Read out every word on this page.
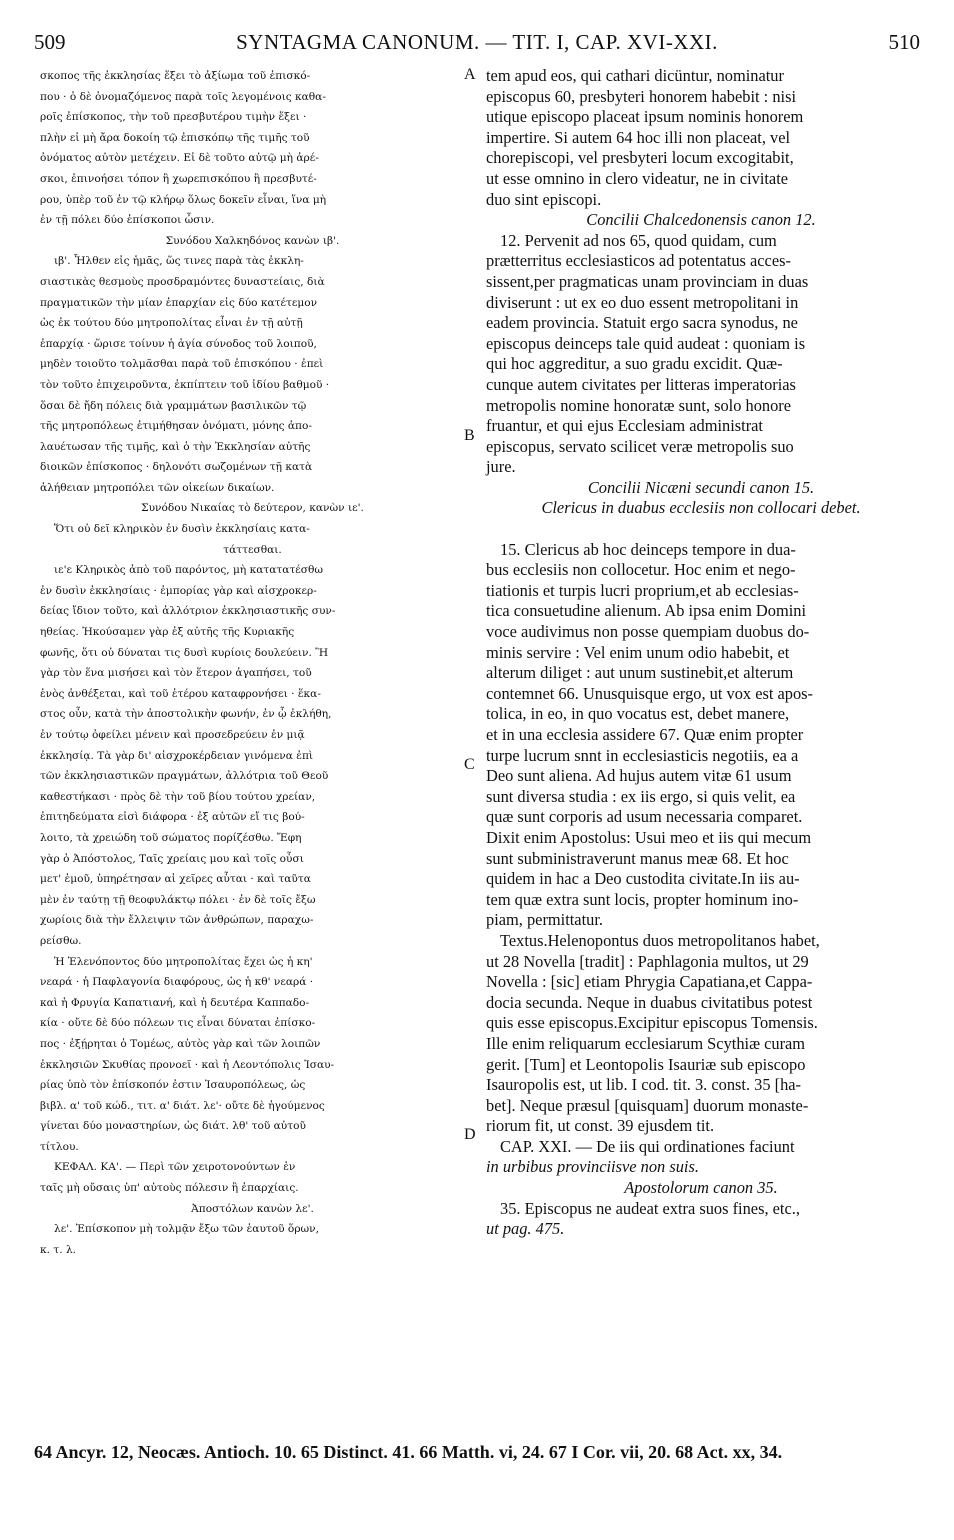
509	SYNTAGMA CANONUM. — TIT. I, CAP. XVI-XXI.	510

σκοπος τῆς ἐκκλησίας ἕξει τὸ ἀξίωμα τοῦ ἐπισκό-

που · ὁ δὲ ὀνομαζόμενος παρὰ τοῖς λεγομένοις καθα-

ροῖς ἐπίσκοπος, τὴν τοῦ πρεσβυτέρου τιμὴν ἕξει ·

πλὴν εἰ μὴ ἄρα δοκοίη τῷ ἐπισκόπῳ τῆς τιμῆς τοῦ

ὀνόματος αὐτὸν μετέχειν. Εἰ δὲ τοῦτο αὐτῷ μὴ ἀρέ-

σκοι, ἐπινοήσει τόπον ἢ χωρεπισκόπου ἢ πρεσβυτέ-

ρου, ὑπὲρ τοῦ ἐν τῷ κλήρῳ ὅλως δοκεῖν εἶναι, ἵνα μὴ

ἐν τῇ πόλει δύο ἐπίσκοποι ὦσιν.

Συνόδου Χαλκηδόνος κανὼν ιβ'.

ιβ'. Ἦλθεν εἰς ἡμᾶς, ὥς τινες παρὰ τὰς ἐκκλη-

σιαστικὰς θεσμοὺς προσδραμόντες δυναστείαις, διὰ

πραγματικῶν τὴν μίαν ἐπαρχίαν εἰς δύο κατέτεμον

ὡς ἐκ τούτου δύο μητροπολίτας εἶναι ἐν τῇ αὐτῇ

ἐπαρχίᾳ · ὥρισε τοίνυν ἡ ἁγία σύνοδος τοῦ λοιποῦ,

μηδὲν τοιοῦτο τολμᾶσθαι παρὰ τοῦ ἐπισκόπου · ἐπεὶ

τὸν τοῦτο ἐπιχειροῦντα, ἐκπίπτειν τοῦ ἰδίου βαθμοῦ ·

ὅσαι δὲ ἤδη πόλεις διὰ γραμμάτων βασιλικῶν τῷ

τῆς μητροπόλεως ἐτιμήθησαν ὀνόματι, μόνης ἀπο-

λαυέτωσαν τῆς τιμῆς, καὶ ὁ τὴν Ἐκκλησίαν αὐτῆς

διοικῶν ἐπίσκοπος · δηλονότι σωζομένων τῇ κατὰ

ἀλήθειαν μητροπόλει τῶν οἰκείων δικαίων.

Συνόδου Νικαίας τὸ δεύτερον, κανὼν ιε'.

Ὅτι οὐ δεῖ κληρικὸν ἐν δυσὶν ἐκκλησίαις κατα-

τάττεσθαι.

ιε'ε Κληρικὸς ἀπὸ τοῦ παρόντος, μὴ κατατατέσθω

ἐν δυσὶν ἐκκλησίαις · ἐμπορίας γὰρ καὶ αἰσχροκερ-

δείας ἴδιον τοῦτο, καὶ ἀλλότριον ἐκκλησιαστικῆς συν-

ηθείας. Ἠκούσαμεν γὰρ ἐξ αὐτῆς τῆς Κυριακῆς

φωνῆς, ὅτι οὐ δύναται τις δυσὶ κυρίοις δουλεύειν. Ἢ

γὰρ τὸν ἕνα μισήσει καὶ τὸν ἕτερον ἀγαπήσει, τοῦ

ἑνὸς ἀνθέξεται, καὶ τοῦ ἑτέρου καταφρονήσει · ἕκα-

στος οὖν, κατὰ τὴν ἀποστολικὴν φωνήν, ἐν ᾧ ἐκλήθη,

ἐν τούτῳ ὀφείλει μένειν καὶ προσεδρεύειν ἐν μιᾷ

ἐκκλησίᾳ. Τὰ γὰρ δι' αἰσχροκέρδειαν γινόμενα ἐπὶ

τῶν ἐκκλησιαστικῶν πραγμάτων, ἀλλότρια τοῦ Θεοῦ

καθεστήκασι · πρὸς δὲ τὴν τοῦ βίου τούτου χρείαν,

ἐπιτηδεύματα εἰσὶ διάφορα · ἐξ αὐτῶν εἴ τις βού-

λοιτο, τὰ χρειώδη τοῦ σώματος πορίζέσθω. Ἔφη

γὰρ ὁ Ἀπόστολος, Ταῖς χρείαις μου καὶ τοῖς οὖσι

μετ' ἐμοῦ, ὑπηρέτησαν αἱ χεῖρες αὗται · καὶ ταῦτα

μὲν ἐν ταύτῃ τῇ θεοφυλάκτῳ πόλει · ἐν δὲ τοῖς ἔξω

χωρίοις διὰ τὴν ἔλλειψιν τῶν ἀνθρώπων, παραχω-

ρείσθω.

Ἡ Ἑλενόποντος δύο μητροπολίτας ἔχει ὡς ἡ κη'

νεαρά · ἡ Παφλαγονία διαφόρους, ὡς ἡ κθ' νεαρά ·

καὶ ἡ Φρυγία Καπατιανή, καὶ ἡ δευτέρα Καππαδο-

κία · οὔτε δὲ δύο πόλεων τις εἶναι δύναται ἐπίσκο-

πος · ἐξῄρηται ὁ Τομέως, αὐτὸς γὰρ καὶ τῶν λοιπῶν

ἐκκλησιῶν Σκυθίας προνοεῖ · καὶ ἡ Λεοντόπολις Ἰσαυ-

ρίας ὑπὸ τὸν ἐπίσκοπόν ἐστιν Ἰσαυροπόλεως, ὡς

βιβλ. α' τοῦ κώδ., τιτ. α' διάτ. λε'· οὔτε δὲ ἡγούμενος

γίνεται δύο μοναστηρίων, ὡς διάτ. λθ' τοῦ αὐτοῦ

τίτλου.

ΚΕΦΑΛ. ΚΑ'. — Περὶ τῶν χειροτονούντων ἐν

ταῖς μὴ οὔσαις ὑπ' αὐτοὺς πόλεσιν ἢ ἐπαρχίαις.

Ἀποστόλων κανὼν λε'.

λε'. Ἐπίσκοπον μὴ τολμᾷν ἔξω τῶν ἑαυτοῦ ὅρων,

κ. τ. λ.

tem apud eos, qui cathari dicüntur, nominatur

episcopus 60, presbyteri honorem habebit : nisi

utique episcopo placeat ipsum nominis honorem

impertire. Si autem 64 hoc illi non placeat, vel

chorepiscopi, vel presbyteri locum excogitabit,

ut esse omnino in clero videatur, ne in civitate

duo sint episcopi.

Concilii Chalcedonensis canon 12.

12. Pervenit ad nos 65, quod quidam, cum

prætterritus ecclesiasticos ad potentatus acces-

sissent,per pragmaticas unam provinciam in duas

diviserunt : ut ex eo duo essent metropolitani in

eadem provincia. Statuit ergo sacra synodus, ne

episcopus deinceps tale quid audeat : quoniam is

qui hoc aggreditur, a suo gradu excidit. Quæ-

cunque autem civitates per litteras imperatorias

metropolis nomine honoratæ sunt, solo honore

fruantur, et qui ejus Ecclesiam administrat

episcopus, servato scilicet veræ metropolis suo

jure.

Concilii Nicæni secundi canon 15.

Clericus in duabus ecclesiis non collocari debet.

15. Clericus ab hoc deinceps tempore in dua-

bus ecclesiis non collocetur. Hoc enim et nego-

tiationis et turpis lucri proprium,et ab ecclesias-

tica consuetudine alienum. Ab ipsa enim Domini

voce audivimus non posse quempiam duobus do-

minis servire : Vel enim unum odio habebit, et

alterum diliget : aut unum sustinebit,et alterum

contemnet 66. Unusquisque ergo, ut vox est apos-

tolica, in eo, in quo vocatus est, debet manere,

et in una ecclesia assidere 67. Quæ enim propter

turpe lucrum snnt in ecclesiasticis negotiis, ea a

Deo sunt aliena. Ad hujus autem vitæ 61 usum

sunt diversa studia : ex iis ergo, si quis velit, ea

quæ sunt corporis ad usum necessaria comparet.

Dixit enim Apostolus: Usui meo et iis qui mecum

sunt subministraverunt manus meæ 68. Et hoc

quidem in hac a Deo custodita civitate.In iis au-

tem quæ extra sunt locis, propter hominum ino-

piam, permittatur.

Textus.Helenopontus duos metropolitanos habet,

ut 28 Novella [tradit] : Paphlagonia multos, ut 29

Novella : [sic] etiam Phrygia Capatiana,et Cappa-

docia secunda. Neque in duabus civitatibus potest

quis esse episcopus.Excipitur episcopus Tomensis.

Ille enim reliquarum ecclesiarum Scythiæ curam

gerit. [Tum] et Leontopolis Isauriæ sub episcopo

Isauropolis est, ut lib. I cod. tit. 3. const. 35 [ha-

bet]. Neque præsul [quisquam] duorum monaste-

riorum fit, ut const. 39 ejusdem tit.

CAP. XXI. — De iis qui ordinationes faciunt

in urbibus provinciisve non suis.

Apostolorum canon 35.

35. Episcopus ne audeat extra suos fines, etc.,

ut pag. 475.

A
B
C
D
64 Ancyr. 12, Neocæs. Antioch. 10. 65 Distinct. 41. 66 Matth. vi, 24. 67 I Cor. vii, 20. 68 Act. xx, 34.
